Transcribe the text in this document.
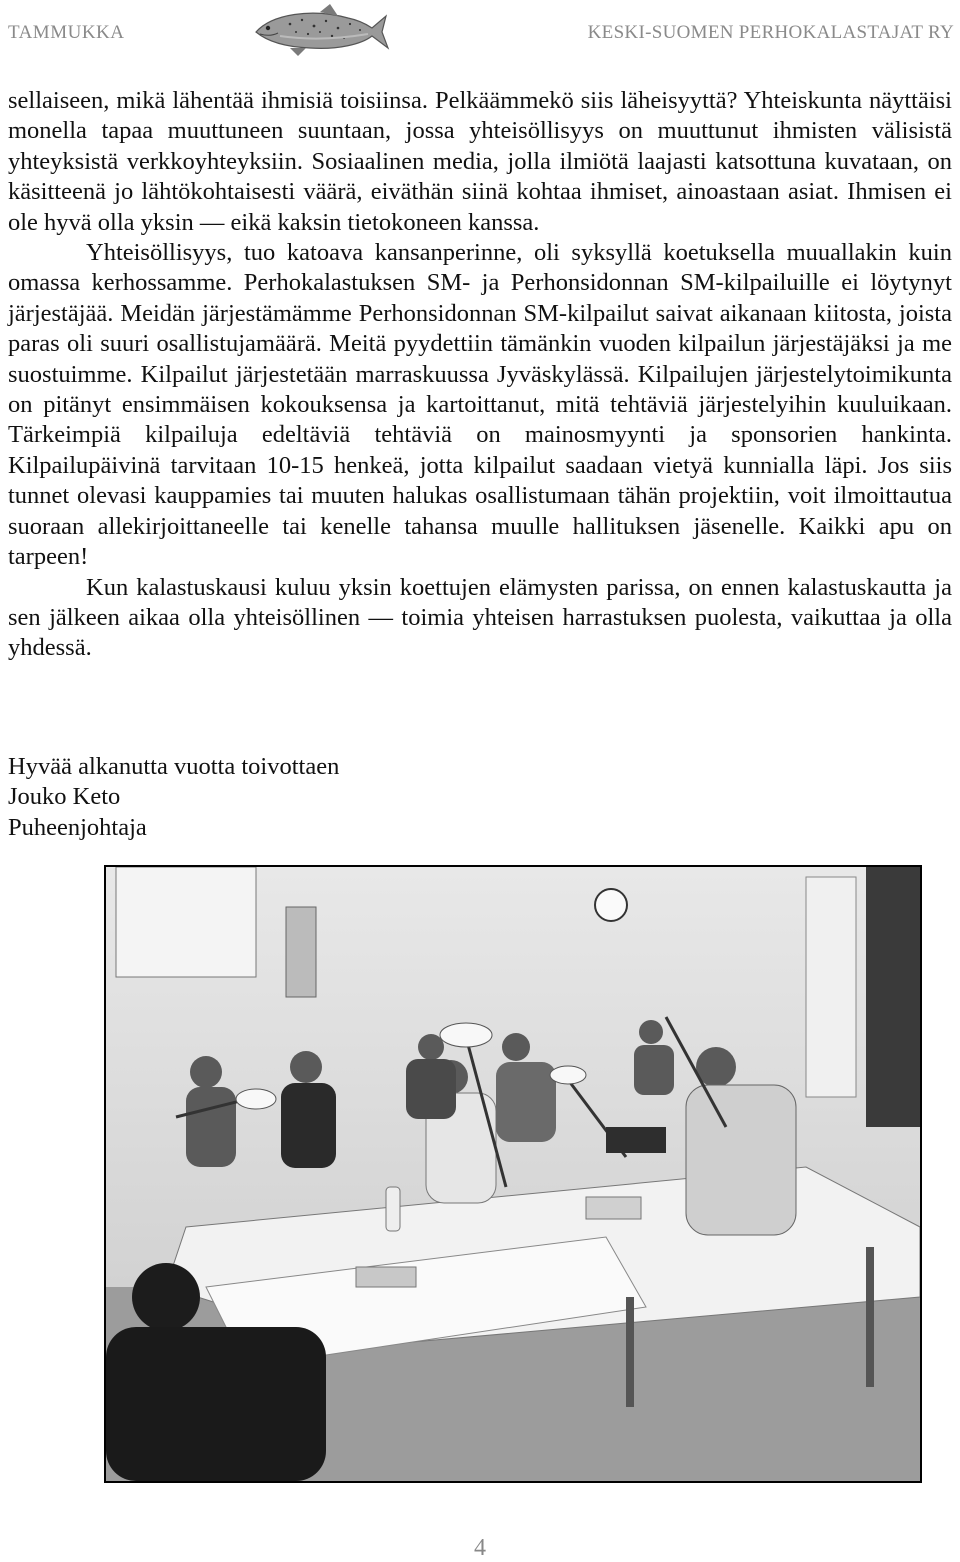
TAMMUKKA	KESKI-SUOMEN PERHOKALASTAJAT RY

sellaiseen, mikä lähentää ihmisiä toisiinsa. Pelkäämmekö siis läheisyyttä? Yhteiskunta näyttäisi monella tapaa muuttuneen suuntaan, jossa yhteisöllisyys on muuttunut ihmisten välisistä yhteyksistä verkkoyhteyksiin. Sosiaalinen media, jolla ilmiötä laajasti katsottuna kuvataan, on käsitteenä jo lähtökohtaisesti väärä, eiväthän siinä kohtaa ihmiset, ainoastaan asiat. Ihmisen ei ole hyvä olla yksin — eikä kaksin tietokoneen kanssa.

Yhteisöllisyys, tuo katoava kansanperinne, oli syksyllä koetuksella muuallakin kuin omassa kerhossamme. Perhokalastuksen SM- ja Perhonsidonnan SM-kilpailuille ei löytynyt järjestäjää. Meidän järjestämämme Perhonsidonnan SM-kilpailut saivat aikanaan kiitosta, joista paras oli suuri osallistujamäärä. Meitä pyydettiin tämänkin vuoden kilpailun järjestäjäksi ja me suostuimme. Kilpailut järjestetään marraskuussa Jyväskylässä. Kilpailujen järjestelytoimikunta on pitänyt ensimmäisen kokouksensa ja kartoittanut, mitä tehtäviä järjestelyihin kuuluikaan. Tärkeimpiä kilpailuja edeltäviä tehtäviä on mainosmyynti ja sponsorien hankinta. Kilpailupäivinä tarvitaan 10-15 henkeä, jotta kilpailut saadaan vietyä kunnialla läpi. Jos siis tunnet olevasi kauppamies tai muuten halukas osallistumaan tähän projektiin, voit ilmoittautua suoraan allekirjoittaneelle tai kenelle tahansa muulle hallituksen jäsenelle. Kaikki apu on tarpeen!

Kun kalastuskausi kuluu yksin koettujen elämysten parissa, on ennen kalastuskautta ja sen jälkeen aikaa olla yhteisöllinen — toimia yhteisen harrastuksen puolesta, vaikuttaa ja olla yhdessä.

Hyvää alkanutta vuotta toivottaen
Jouko Keto
Puheenjohtaja
4
